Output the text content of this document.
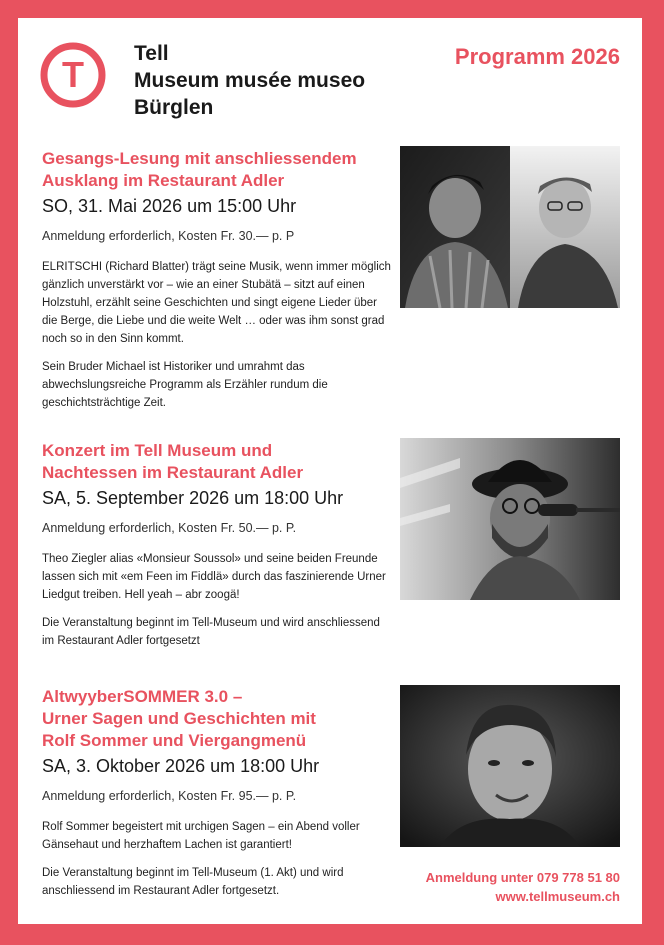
T
Tell
Museum musée museo
Bürglen
Programm 2026
Gesangs-Lesung mit anschliessendem
Ausklang im Restaurant Adler
SO, 31. Mai 2026 um 15:00 Uhr
Anmeldung erforderlich, Kosten Fr. 30.— p. P

ELRITSCHI (Richard Blatter) trägt seine Musik, wenn immer möglich gänzlich unverstärkt vor – wie an einer Stubätä – sitzt auf einen Holzstuhl, erzählt seine Geschichten und singt eigene Lieder über die Berge, die Liebe und die weite Welt … oder was ihm sonst grad noch so in den Sinn kommt.

Sein Bruder Michael ist Historiker und umrahmt das abwechslungsreiche Programm als Erzähler rundum die geschichtsträchtige Zeit.

Konzert im Tell Museum und
Nachtessen im Restaurant Adler
SA, 5. September 2026 um 18:00 Uhr
Anmeldung erforderlich, Kosten Fr. 50.— p. P.

Theo Ziegler alias «Monsieur Soussol» und seine beiden Freunde lassen sich mit «em Feen im Fiddlä» durch das faszinierende Urner Liedgut treiben. Hell yeah – abr zoogä!

Die Veranstaltung beginnt im Tell-Museum und wird anschliessend im Restaurant Adler fortgesetzt

AltwyyberSOMMER 3.0 –
Urner Sagen und Geschichten mit
Rolf Sommer und Viergangmenü
SA, 3. Oktober 2026 um 18:00 Uhr
Anmeldung erforderlich, Kosten Fr. 95.— p. P.

Rolf Sommer begeistert mit urchigen Sagen – ein Abend voller Gänsehaut und herzhaftem Lachen ist garantiert!

Die Veranstaltung beginnt im Tell-Museum (1. Akt) und wird anschliessend im Restaurant Adler fortgesetzt.

Anmeldung unter 079 778 51 80
www.tellmuseum.ch
